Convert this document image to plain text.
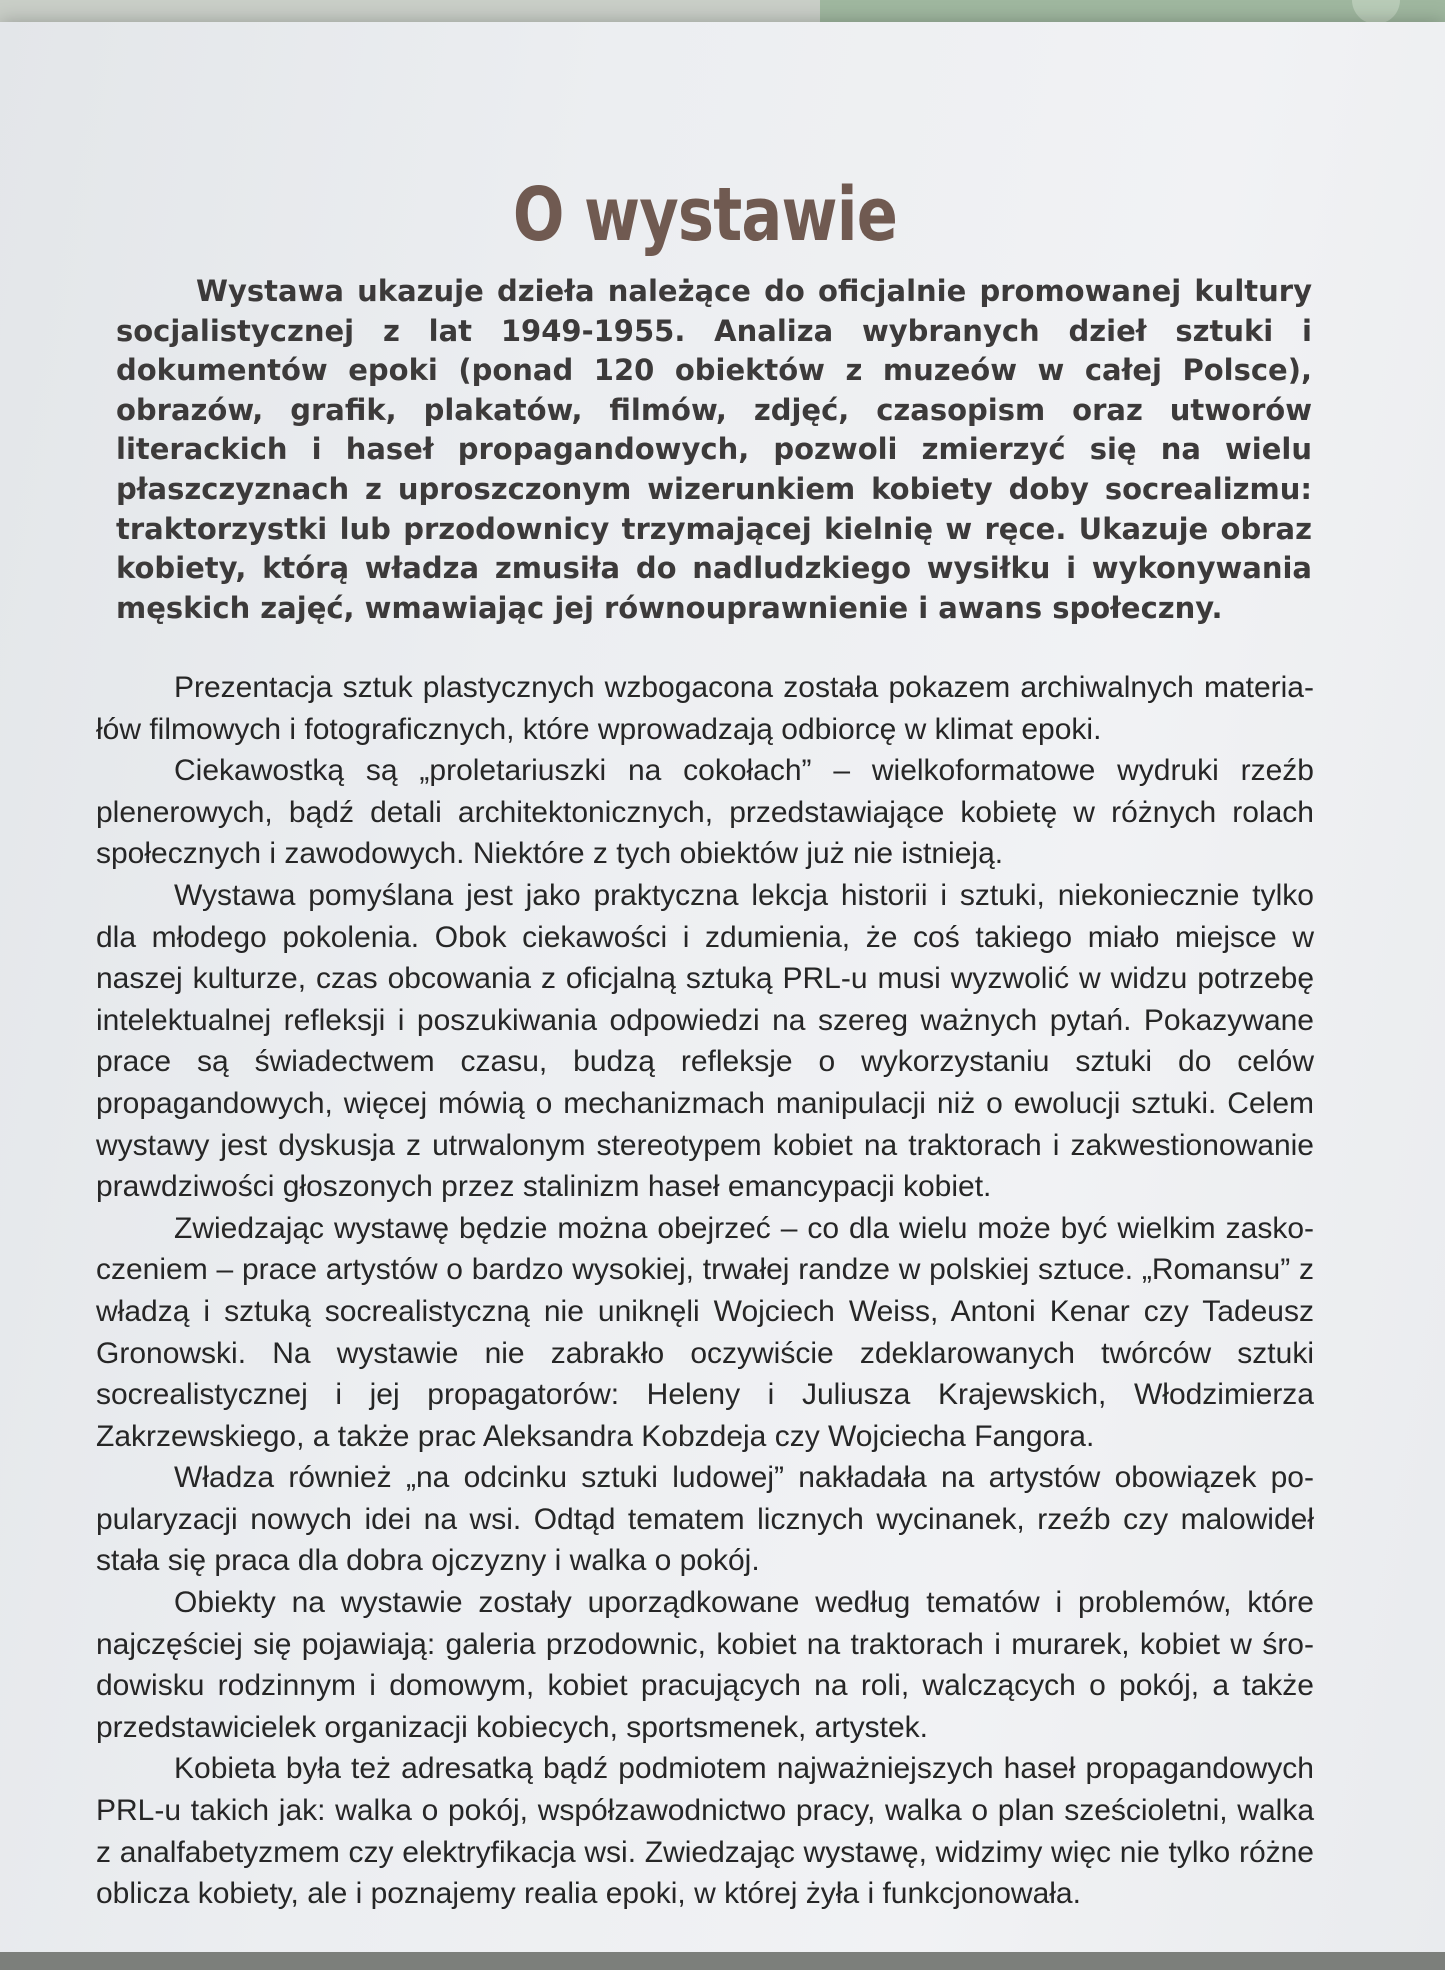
O wystawie

Wystawa ukazuje dzieła należące do oficjalnie promowanej kultury socjalistycznej z lat 1949-1955. Analiza wybranych dzieł sztuki i dokumentów epoki (ponad 120 obiektów z muzeów w całej Polsce), obrazów, grafik, plakatów, filmów, zdjęć, czasopism oraz utworów literackich i haseł propagandowych, pozwoli zmierzyć się na wielu płaszczyznach z uproszczonym wizerunkiem kobiety doby socrealizmu: traktorzystki lub przodownicy trzymającej kielnię w ręce. Ukazuje obraz kobiety, którą władza zmusiła do nadludzkiego wysiłku i wykonywania męskich zajęć, wmawiając jej równouprawnienie i awans społeczny.

Prezentacja sztuk plastycznych wzbogacona została pokazem archiwalnych materiałów filmowych i fotograficznych, które wprowadzają odbiorcę w klimat epoki.

Ciekawostką są „proletariuszki na cokołach” – wielkoformatowe wydruki rzeźb plenerowych, bądź detali architektonicznych, przedstawiające kobietę w różnych rolach społecznych i zawodowych. Niektóre z tych obiektów już nie istnieją.

Wystawa pomyślana jest jako praktyczna lekcja historii i sztuki, niekoniecznie tylko dla młodego pokolenia. Obok ciekawości i zdumienia, że coś takiego miało miejsce w naszej kulturze, czas obcowania z oficjalną sztuką PRL-u musi wyzwolić w widzu potrzebę intelektualnej refleksji i poszukiwania odpowiedzi na szereg ważnych pytań. Pokazywane prace są świadectwem czasu, budzą refleksje o wykorzystaniu sztuki do celów propagandowych, więcej mówią o mechanizmach manipulacji niż o ewolucji sztuki. Celem wystawy jest dyskusja z utrwalonym stereotypem kobiet na traktorach i zakwestionowanie prawdziwości głoszonych przez stalinizm haseł emancypacji kobiet.

Zwiedzając wystawę będzie można obejrzeć – co dla wielu może być wielkim zaskoczeniem – prace artystów o bardzo wysokiej, trwałej randze w polskiej sztuce. „Romansu” z władzą i sztuką socrealistyczną nie uniknęli Wojciech Weiss, Antoni Kenar czy Tadeusz Gronowski. Na wystawie nie zabrakło oczywiście zdeklarowanych twórców sztuki socrealistycznej i jej propagatorów: Heleny i Juliusza Krajewskich, Włodzimierza Zakrzewskiego, a także prac Aleksandra Kobzdeja czy Wojciecha Fangora.

Władza również „na odcinku sztuki ludowej” nakładała na artystów obowiązek popularyzacji nowych idei na wsi. Odtąd tematem licznych wycinanek, rzeźb czy malowideł stała się praca dla dobra ojczyzny i walka o pokój.

Obiekty na wystawie zostały uporządkowane według tematów i problemów, które najczęściej się pojawiają: galeria przodownic, kobiet na traktorach i murarek, kobiet w środowisku rodzinnym i domowym, kobiet pracujących na roli, walczących o pokój, a także przedstawicielek organizacji kobiecych, sportsmenek, artystek.

Kobieta była też adresatką bądź podmiotem najważniejszych haseł propagandowych PRL-u takich jak: walka o pokój, współzawodnictwo pracy, walka o plan sześcioletni, walka z analfabetyzmem czy elektryfikacja wsi. Zwiedzając wystawę, widzimy więc nie tylko różne oblicza kobiety, ale i poznajemy realia epoki, w której żyła i funkcjonowała.
